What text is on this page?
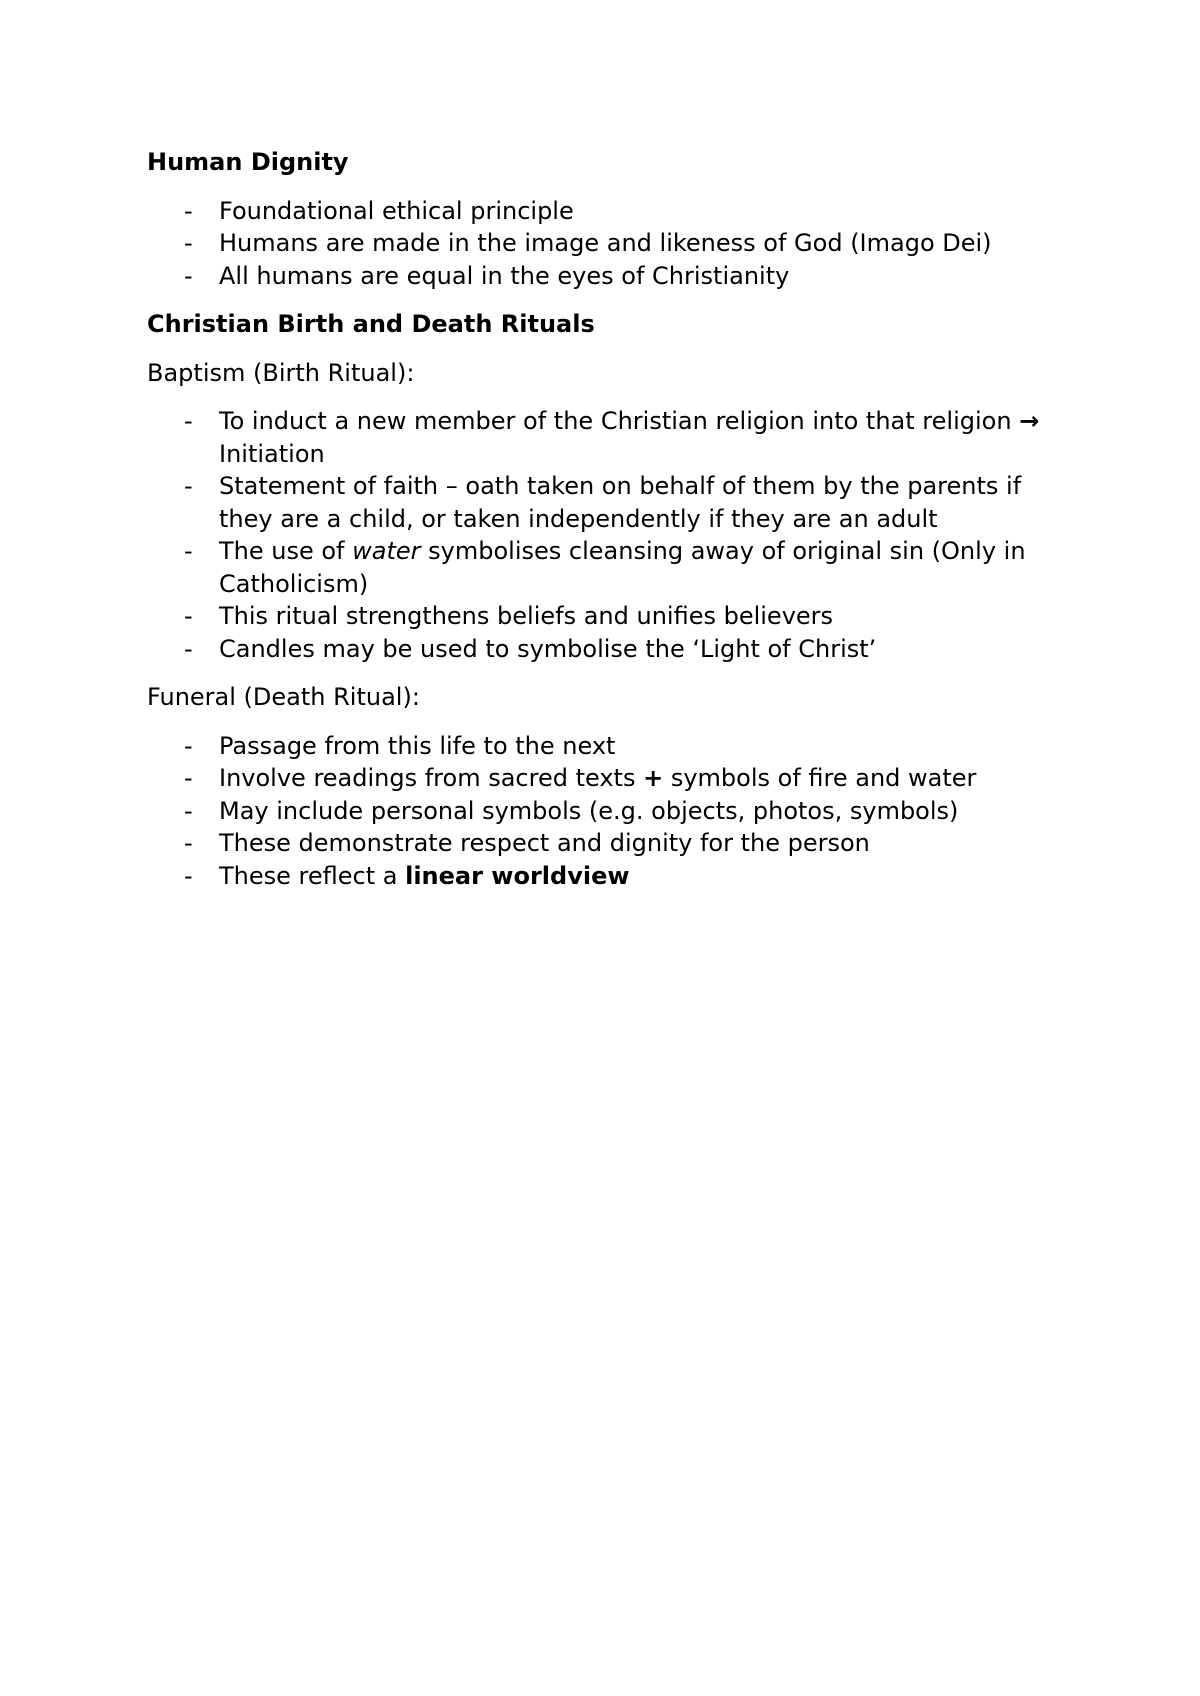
Human Dignity
- Foundational ethical principle
- Humans are made in the image and likeness of God (Imago Dei)
- All humans are equal in the eyes of Christianity
Christian Birth and Death Rituals
Baptism (Birth Ritual):
- To induct a new member of the Christian religion into that religion →
Initiation
- Statement of faith – oath taken on behalf of them by the parents if
they are a child, or taken independently if they are an adult
- The use of water symbolises cleansing away of original sin (Only in
Catholicism)
- This ritual strengthens beliefs and unifies believers
- Candles may be used to symbolise the ‘Light of Christ’
Funeral (Death Ritual):
- Passage from this life to the next
- Involve readings from sacred texts + symbols of fire and water
- May include personal symbols (e.g. objects, photos, symbols)
- These demonstrate respect and dignity for the person
- These reflect a linear worldview
